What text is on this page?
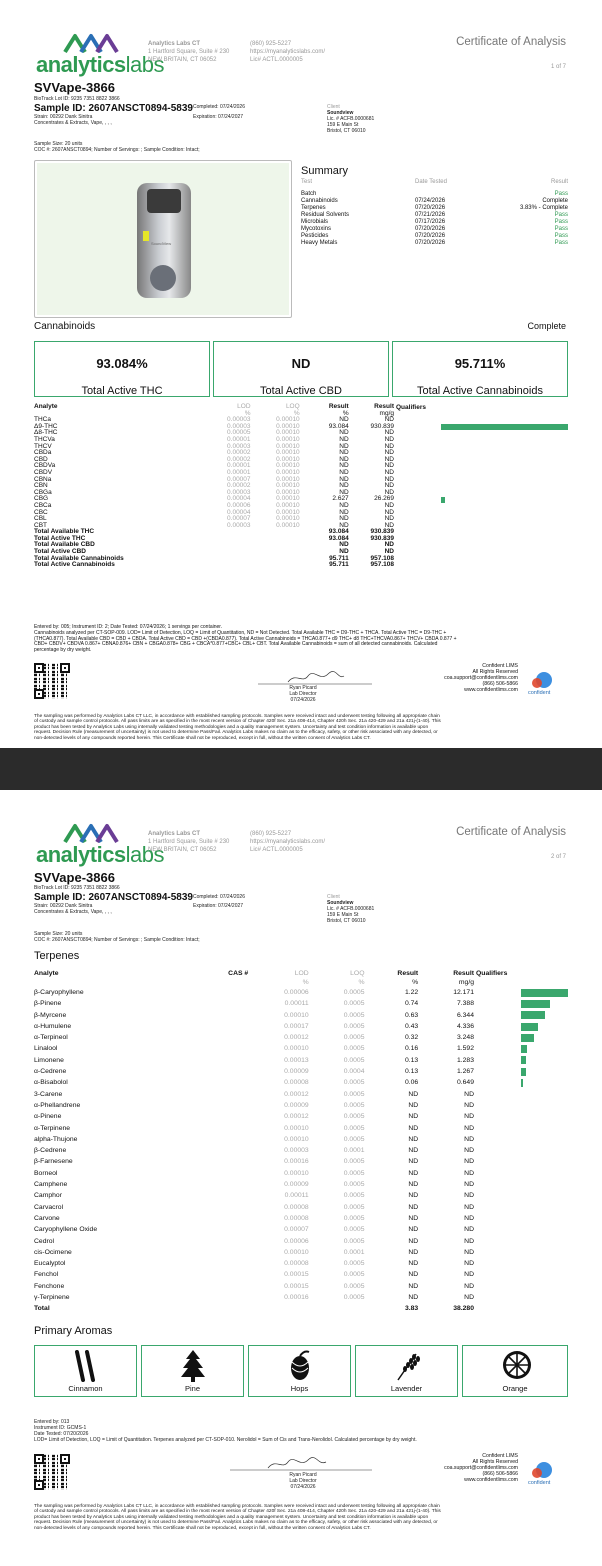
analyticslabs
Analytics Labs CT
1 Hartford Square, Suite # 230
NEW BRITAIN, CT 06052
(860) 925-5227
https://myanalyticslabs.com/
Lic# ACTL.0000005
Certificate of Analysis
1 of 7
SVVape-3866
BioTrack Lot ID: 9235 7351 8822 3866
Sample ID: 2607ANSCT0894-5839
Strain: 00292 Dank Sinitra
Concentrates & Extracts, Vape, , , ,
Completed: 07/24/2026
Expiration: 07/24/2027
Sample Size: 20 units
COC #: 2607ANSCT0894; Number of Servings: ; Sample Condition: Intact;
Client
Soundview
Lic. # ACFB.0000681
159 E Main St
Bristol, CT 06010
SoundView
Summary
Test	Date Tested	Result
Batch		Pass
Cannabinoids	07/24/2026	Complete
Terpenes	07/20/2026	3.83% - Complete
Residual Solvents	07/21/2026	Pass
Microbials	07/17/2026	Pass
Mycotoxins	07/20/2026	Pass
Pesticides	07/20/2026	Pass
Heavy Metals	07/20/2026	Pass
Cannabinoids	Complete
93.084%
Total Active THC
ND
Total Active CBD
95.711%
Total Active Cannabinoids
Analyte	LOD	LOQ	Result	Result
	%	%	%	mg/g
THCa	0.00003	0.00010	ND	ND
Δ9-THC	0.00003	0.00010	93.084	930.839
Δ8-THC	0.00005	0.00010	ND	ND
THCVa	0.00001	0.00010	ND	ND
THCV	0.00003	0.00010	ND	ND
CBDa	0.00002	0.00010	ND	ND
CBD	0.00002	0.00010	ND	ND
CBDVa	0.00001	0.00010	ND	ND
CBDV	0.00001	0.00010	ND	ND
CBNa	0.00007	0.00010	ND	ND
CBN	0.00002	0.00010	ND	ND
CBGa	0.00003	0.00010	ND	ND
CBG	0.00004	0.00010	2.627	26.269
CBCa	0.00006	0.00010	ND	ND
CBC	0.00004	0.00010	ND	ND
CBL	0.00007	0.00010	ND	ND
CBT	0.00003	0.00010	ND	ND
Total Available THC			93.084	930.839
Total Active THC			93.084	930.839
Total Available CBD			ND	ND
Total Active CBD			ND	ND
Total Available Cannabinoids			95.711	957.108
Total Active Cannabinoids			95.711	957.108
Qualifiers
Entered by: 005; Instrument ID: 2; Date Tested: 07/24/2026; 1 servings per container.
Cannabinoids analyzed per CT-SOP-009. LOD= Limit of Detection, LOQ = Limit of Quantitation, ND = Not Detected. Total Available THC = D9-THC + THCA. Total Active THC = D9-THC +
(THCA0.877). Total Available CBD = CBD + CBDA. Total Active CBD = CBD +(CBDA0.877). Total Active Cannabinoids = THCA0.877+ d9 THC+ d8 THC+THCVA0.867+ THCV+ CBDA 0.877 +
CBD+ CBDV+ CBDVA 0.867+ CBNA0.876+ CBN + CBGA0.878+ CBG + CBCA*0.877+CBC+ CBL+ CBT. Total Available Cannabinoids = sum of all detected cannabinoids. Calculated
percentage by dry weight.
Ryan Picard
Lab Director
07/24/2026
Confident LIMS
All Rights Reserved
coa.support@confidentlims.com
(866) 506-5866
www.confidentlims.com confident
The sampling was performed by Analytics Labs CT LLC, in accordance with established sampling protocols. Samples were received intact and underwent testing following all appropriate chain
of custody and sample control protocols. All pass limits are as specified in the most recent version of Chapter 420f Sec. 21a 408-414, Chapter 420h Sec. 21a 420-429 and 21a 421j-(1-40). This
product has been tested by Analytics Labs using internally validated testing methodologies and a quality management system. Uncertainty and test condition information is available upon
request. Decision Rule (measurement of uncertainty) is not used to determine Pass/Fail. Analytics Labs makes no claim as to the efficacy, safety, or other risk associated with any detected, or
non-detected levels of any compounds reported herein. This Certificate shall not be reproduced, except in full, without the written consent of Analytics Labs CT.
analyticslabs
Analytics Labs CT
1 Hartford Square, Suite # 230
NEW BRITAIN, CT 06052
(860) 925-5227
https://myanalyticslabs.com/
Lic# ACTL.0000005
Certificate of Analysis
2 of 7
SVVape-3866
BioTrack Lot ID: 9235 7351 8822 3866
Sample ID: 2607ANSCT0894-5839
Strain: 00292 Dank Sinitra
Concentrates & Extracts, Vape, , , ,
Completed: 07/24/2026
Expiration: 07/24/2027
Sample Size: 20 units
COC #: 2607ANSCT0894; Number of Servings: ; Sample Condition: Intact;
Client
Soundview
Lic. # ACFB.0000681
159 E Main St
Bristol, CT 06010
Terpenes
Analyte	CAS #	LOD	LOQ	Result	Result
		%	%	%	mg/g
β-Caryophyllene		0.00006	0.0005	1.22	12.171
β-Pinene		0.00011	0.0005	0.74	7.388
β-Myrcene		0.00010	0.0005	0.63	6.344
α-Humulene		0.00017	0.0005	0.43	4.336
α-Terpineol		0.00012	0.0005	0.32	3.248
Linalool		0.00010	0.0005	0.16	1.592
Limonene		0.00013	0.0005	0.13	1.283
α-Cedrene		0.00009	0.0004	0.13	1.267
α-Bisabolol		0.00008	0.0005	0.06	0.649
3-Carene		0.00012	0.0005	ND	ND
α-Phellandrene		0.00009	0.0005	ND	ND
α-Pinene		0.00012	0.0005	ND	ND
α-Terpinene		0.00010	0.0005	ND	ND
alpha-Thujone		0.00010	0.0005	ND	ND
β-Cedrene		0.00003	0.0001	ND	ND
β-Farnesene		0.00016	0.0005	ND	ND
Borneol		0.00010	0.0005	ND	ND
Camphene		0.00009	0.0005	ND	ND
Camphor		0.00011	0.0005	ND	ND
Carvacrol		0.00008	0.0005	ND	ND
Carvone		0.00008	0.0005	ND	ND
Caryophyllene Oxide		0.00007	0.0005	ND	ND
Cedrol		0.00006	0.0005	ND	ND
cis-Ocimene		0.00010	0.0001	ND	ND
Eucalyptol		0.00008	0.0005	ND	ND
Fenchol		0.00015	0.0005	ND	ND
Fenchone		0.00015	0.0005	ND	ND
γ-Terpinene		0.00016	0.0005	ND	ND
Total				3.83	38.280
Qualifiers
Primary Aromas
Cinnamon	Pine	Hops	Lavender	Orange
Entered by: 013
Instrument ID: GCMS-1
Date Tested: 07/20/2026
LOD= Limit of Detection, LOQ = Limit of Quantitation. Terpenes analyzed per CT-SOP-010. Nerolidol = Sum of Cis and Trans-Nerolidol. Calculated percentage by dry weight.
Ryan Picard
Lab Director
07/24/2026
Confident LIMS
All Rights Reserved
coa.support@confidentlims.com
(866) 506-5866
www.confidentlims.com confident
The sampling was performed by Analytics Labs CT LLC, in accordance with established sampling protocols. Samples were received intact and underwent testing following all appropriate chain
of custody and sample control protocols. All pass limits are as specified in the most recent version of Chapter 420f Sec. 21a 408-414, Chapter 420h Sec. 21a 420-429 and 21a 421j-(1-40). This
product has been tested by Analytics Labs using internally validated testing methodologies and a quality management system. Uncertainty and test condition information is available upon
request. Decision Rule (measurement of uncertainty) is not used to determine Pass/Fail. Analytics Labs makes no claim as to the efficacy, safety, or other risk associated with any detected, or
non-detected levels of any compounds reported herein. This Certificate shall not be reproduced, except in full, without the written consent of Analytics Labs CT.
